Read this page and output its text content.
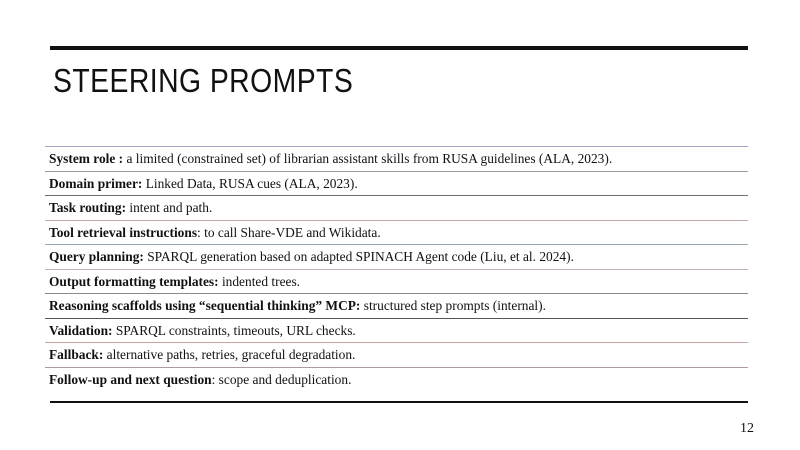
STEERING PROMPTS
System role : a limited (constrained set) of librarian assistant skills from RUSA guidelines (ALA, 2023).
Domain primer: Linked Data, RUSA cues (ALA, 2023).
Task routing: intent and path.
Tool retrieval instructions: to call Share-VDE and Wikidata.
Query planning: SPARQL generation based on adapted SPINACH Agent code (Liu, et al. 2024).
Output formatting templates: indented trees.
Reasoning scaffolds using “sequential thinking” MCP: structured step prompts (internal).
Validation: SPARQL constraints, timeouts, URL checks.
Fallback: alternative paths, retries, graceful degradation.
Follow-up and next question: scope and deduplication.
12
